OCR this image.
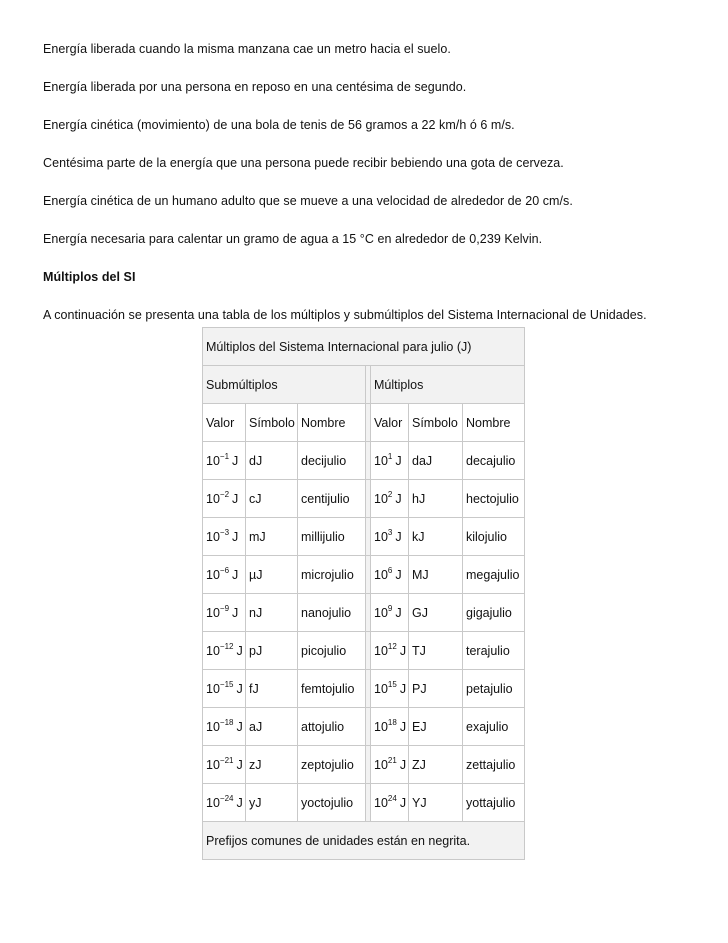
Energía liberada cuando la misma manzana cae un metro hacia el suelo.
Energía liberada por una persona en reposo en una centésima de segundo.
Energía cinética (movimiento) de una bola de tenis de 56 gramos a 22 km/h ó 6 m/s.
Centésima parte de la energía que una persona puede recibir bebiendo una gota de cerveza.
Energía cinética de un humano adulto que se mueve a una velocidad de alrededor de 20 cm/s.
Energía necesaria para calentar un gramo de agua a 15 °C en alrededor de 0,239 Kelvin.
Múltiplos del SI
A continuación se presenta una tabla de los múltiplos y submúltiplos del Sistema Internacional de Unidades.
Múltiplos del Sistema Internacional para julio (J)						
Submúltiplos				Múltiplos		
Valor	Símbolo	Nombre		Valor	Símbolo	Nombre
$10^{-1}$ J	dJ	decijulio		$10^1$ J	daJ	decajulio
$10^{-2}$ J	cJ	centijulio		$10^2$ J	hJ	hectojulio
$10^{-3}$ J	mJ	millijulio		$10^3$ J	kJ	kilojulio
$10^{-6}$ J	µJ	microjulio		$10^6$ J	MJ	megajulio
$10^{-9}$ J	nJ	nanojulio		$10^9$ J	GJ	gigajulio
$10^{-12}$ J	pJ	picojulio		$10^{12}$ J	TJ	terajulio
$10^{-15}$ J	fJ	femtojulio		$10^{15}$ J	PJ	petajulio
$10^{-18}$ J	aJ	attojulio		$10^{18}$ J	EJ	exajulio
$10^{-21}$ J	zJ	zeptojulio		$10^{21}$ J	ZJ	zettajulio
$10^{-24}$ J	yJ	yoctojulio		$10^{24}$ J	YJ	yottajulio
Prefijos comunes de unidades están en negrita.						
